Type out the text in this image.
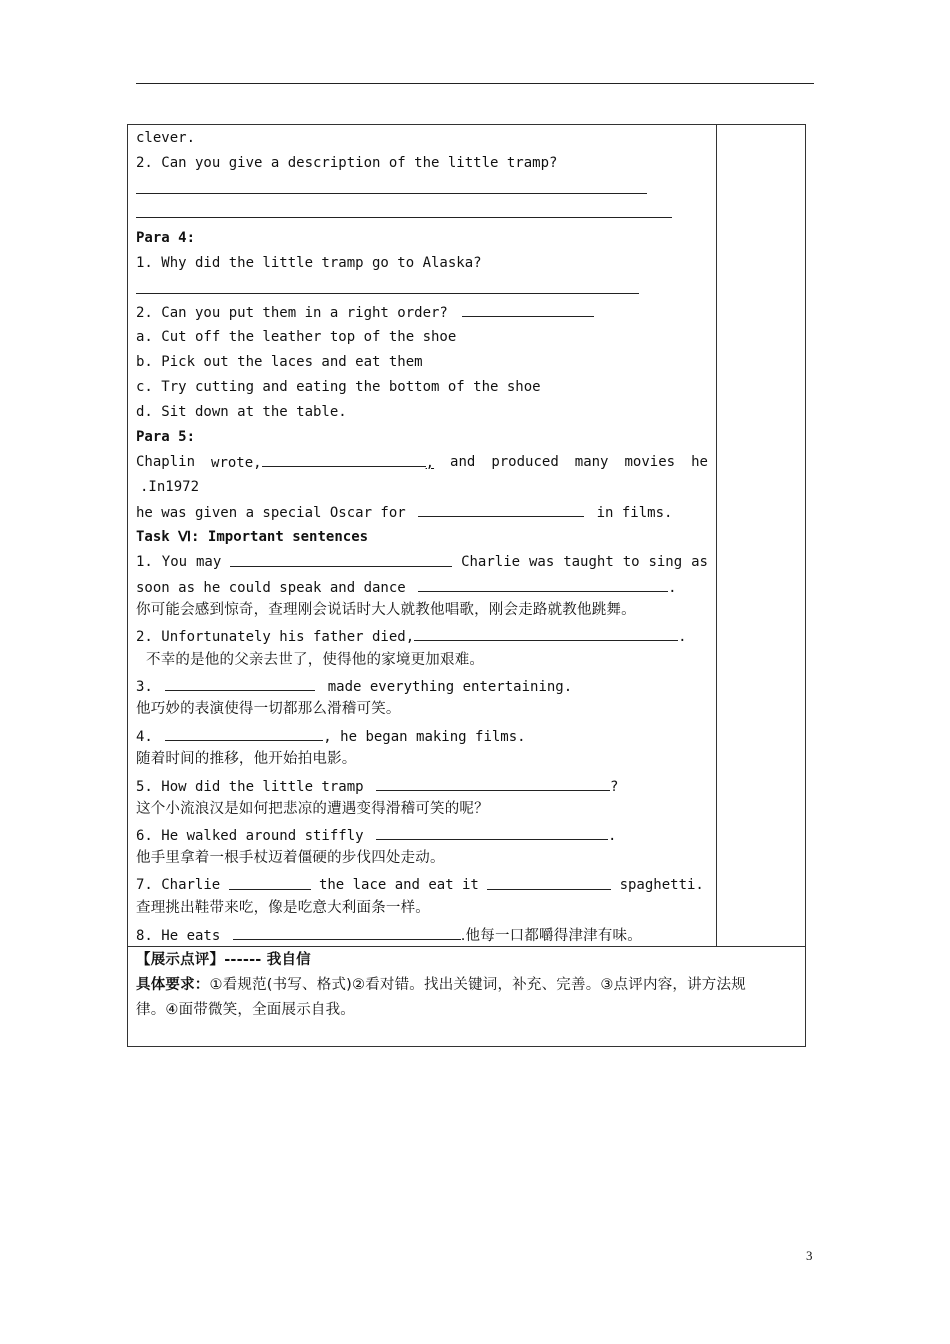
clever.
2. Can you give a description of the little tramp?
Para 4:
1. Why did the little tramp go to Alaska?
2. Can you put them in a right order?
a. Cut off the leather top of the shoe
b. Pick out the laces and eat them
c. Try cutting and eating the bottom of the shoe
d. Sit down at the table.
Para 5:
Chaplin wrote,	, and produced many movies he
.In1972
he was given a special Oscar for	in films.
Task Ⅵ: Important sentences
1. You may	Charlie was taught to sing as
soon as he could speak and dance	.
你可能会感到惊奇，查理刚会说话时大人就教他唱歌，刚会走路就教他跳舞。
2. Unfortunately his father died,	.
不幸的是他的父亲去世了，使得他的家境更加艰难。
3.	made everything entertaining.
他巧妙的表演使得一切都那么滑稽可笑。
4.	, he began making films.
随着时间的推移，他开始拍电影。
5. How did the little tramp	?
这个小流浪汉是如何把悲凉的遭遇变得滑稽可笑的呢？
6. He walked around stiffly	.
他手里拿着一根手杖迈着僵硬的步伐四处走动。
7. Charlie	the lace and eat it	spaghetti.
查理挑出鞋带来吃，像是吃意大利面条一样。
8. He eats	.他每一口都嚼得津津有味。
【展示点评】------ 我自信
具体要求：①看规范(书写、格式)②看对错。找出关键词，补充、完善。③点评内容，讲方法规
律。④面带微笑，全面展示自我。
3
